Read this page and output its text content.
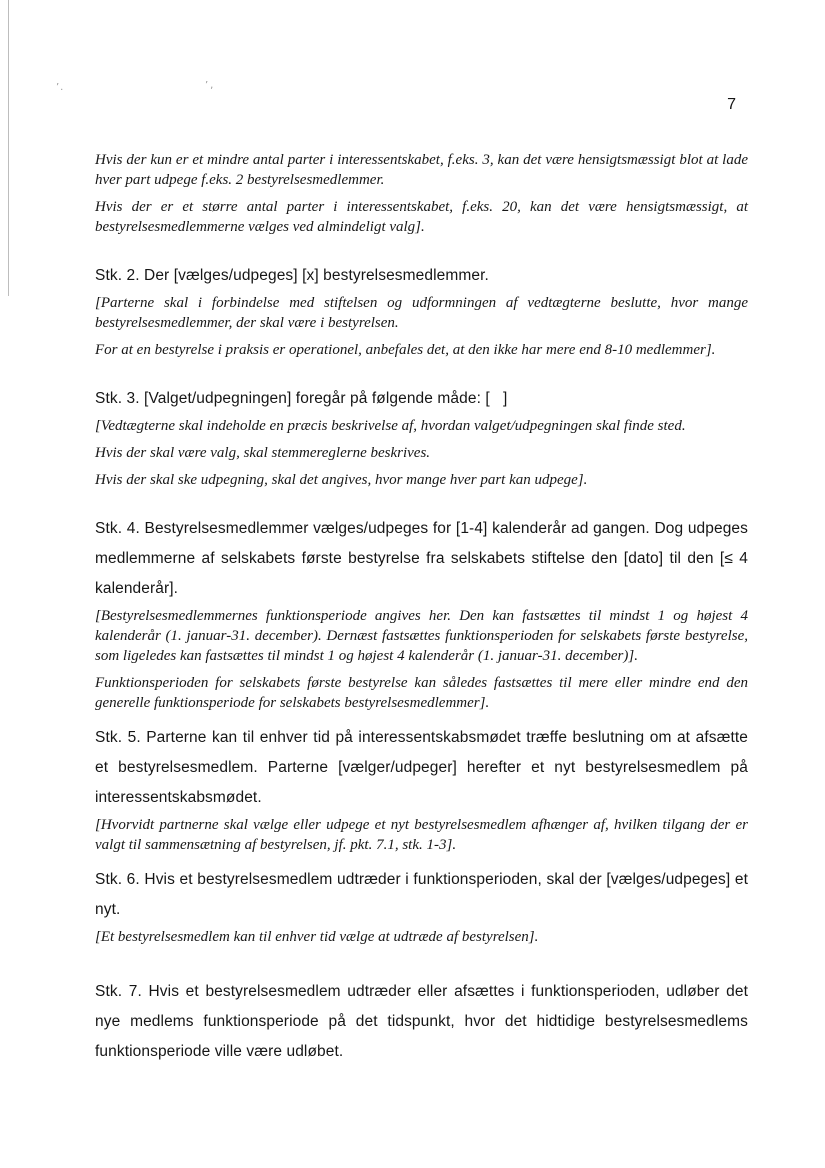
’ .	’ ,
7

Hvis der kun er et mindre antal parter i interessentskabet, f.eks. 3, kan det være hensigtsmæssigt blot at lade hver part udpege f.eks. 2 bestyrelsesmedlemmer.

Hvis der er et større antal parter i interessentskabet, f.eks. 20, kan det være hensigtsmæssigt, at bestyrelsesmedlemmerne vælges ved almindeligt valg].

Stk. 2. Der [vælges/udpeges] [x] bestyrelsesmedlemmer.

[Parterne skal i forbindelse med stiftelsen og udformningen af vedtægterne beslutte, hvor mange bestyrelsesmedlemmer, der skal være i bestyrelsen.

For at en bestyrelse i praksis er operationel, anbefales det, at den ikke har mere end 8-10 medlemmer].

Stk. 3. [Valget/udpegningen] foregår på følgende måde: [   ]

[Vedtægterne skal indeholde en præcis beskrivelse af, hvordan valget/udpegningen skal finde sted.

Hvis der skal være valg, skal stemmereglerne beskrives.

Hvis der skal ske udpegning, skal det angives, hvor mange hver part kan udpege].

Stk. 4. Bestyrelsesmedlemmer vælges/udpeges for [1-4] kalenderår ad gangen. Dog udpeges medlemmerne af selskabets første bestyrelse fra selskabets stiftelse den [dato] til den [≤ 4 kalenderår].

[Bestyrelsesmedlemmernes funktionsperiode angives her. Den kan fastsættes til mindst 1 og højest 4 kalenderår (1. januar-31. december). Dernæst fastsættes funktionsperioden for selskabets første bestyrelse, som ligeledes kan fastsættes til mindst 1 og højest 4 kalenderår (1. januar-31. december)].

Funktionsperioden for selskabets første bestyrelse kan således fastsættes til mere eller mindre end den generelle funktionsperiode for selskabets bestyrelsesmedlemmer].

Stk. 5. Parterne kan til enhver tid på interessentskabsmødet træffe beslutning om at afsætte et bestyrelsesmedlem. Parterne [vælger/udpeger] herefter et nyt bestyrelsesmedlem på interessentskabsmødet.

[Hvorvidt partnerne skal vælge eller udpege et nyt bestyrelsesmedlem afhænger af, hvilken tilgang der er valgt til sammensætning af bestyrelsen, jf. pkt. 7.1, stk. 1-3].

Stk. 6. Hvis et bestyrelsesmedlem udtræder i funktionsperioden, skal der [vælges/udpeges] et nyt.

[Et bestyrelsesmedlem kan til enhver tid vælge at udtræde af bestyrelsen].

Stk. 7. Hvis et bestyrelsesmedlem udtræder eller afsættes i funktionsperioden, udløber det nye medlems funktionsperiode på det tidspunkt, hvor det hidtidige bestyrelsesmedlems funktionsperiode ville være udløbet.
